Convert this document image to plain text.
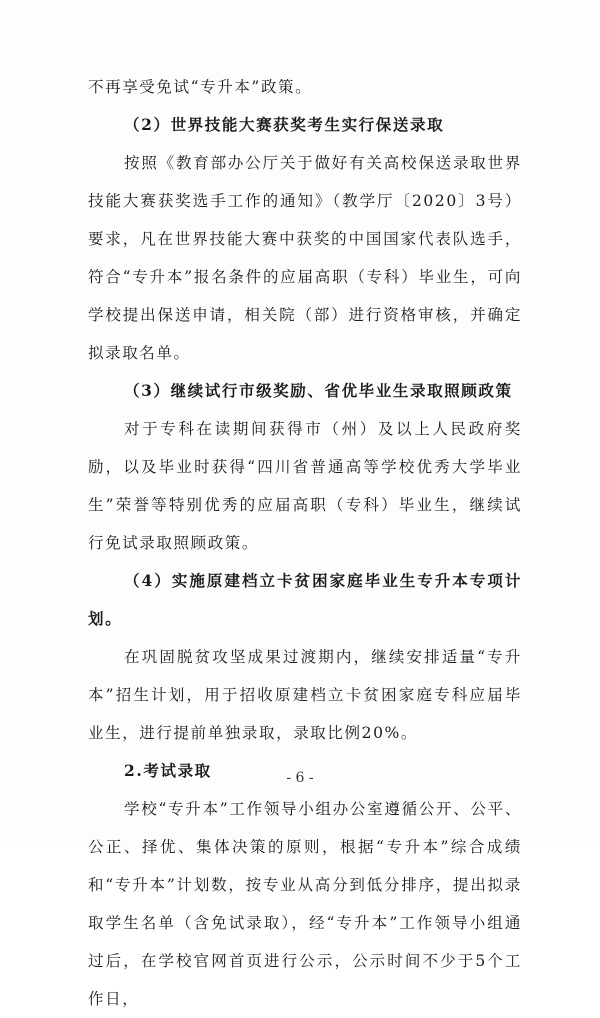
不再享受免试“专升本”政策。

（2）世界技能大赛获奖考生实行保送录取

按照《教育部办公厅关于做好有关高校保送录取世界技能大赛获奖选手工作的通知》（教学厅〔2020〕3号）要求，凡在世界技能大赛中获奖的中国国家代表队选手，符合“专升本”报名条件的应届高职（专科）毕业生，可向学校提出保送申请，相关院（部）进行资格审核，并确定拟录取名单。

（3）继续试行市级奖励、省优毕业生录取照顾政策

对于专科在读期间获得市（州）及以上人民政府奖励，以及毕业时获得“四川省普通高等学校优秀大学毕业生”荣誉等特别优秀的应届高职（专科）毕业生，继续试行免试录取照顾政策。

（4）实施原建档立卡贫困家庭毕业生专升本专项计划。

在巩固脱贫攻坚成果过渡期内，继续安排适量“专升本”招生计划，用于招收原建档立卡贫困家庭专科应届毕业生，进行提前单独录取，录取比例20%。

2.考试录取

学校“专升本”工作领导小组办公室遵循公开、公平、公正、择优、集体决策的原则，根据“专升本”综合成绩和“专升本”计划数，按专业从高分到低分排序，提出拟录取学生名单（含免试录取），经“专升本”工作领导小组通过后，在学校官网首页进行公示，公示时间不少于5个工作日，

- 6 -
